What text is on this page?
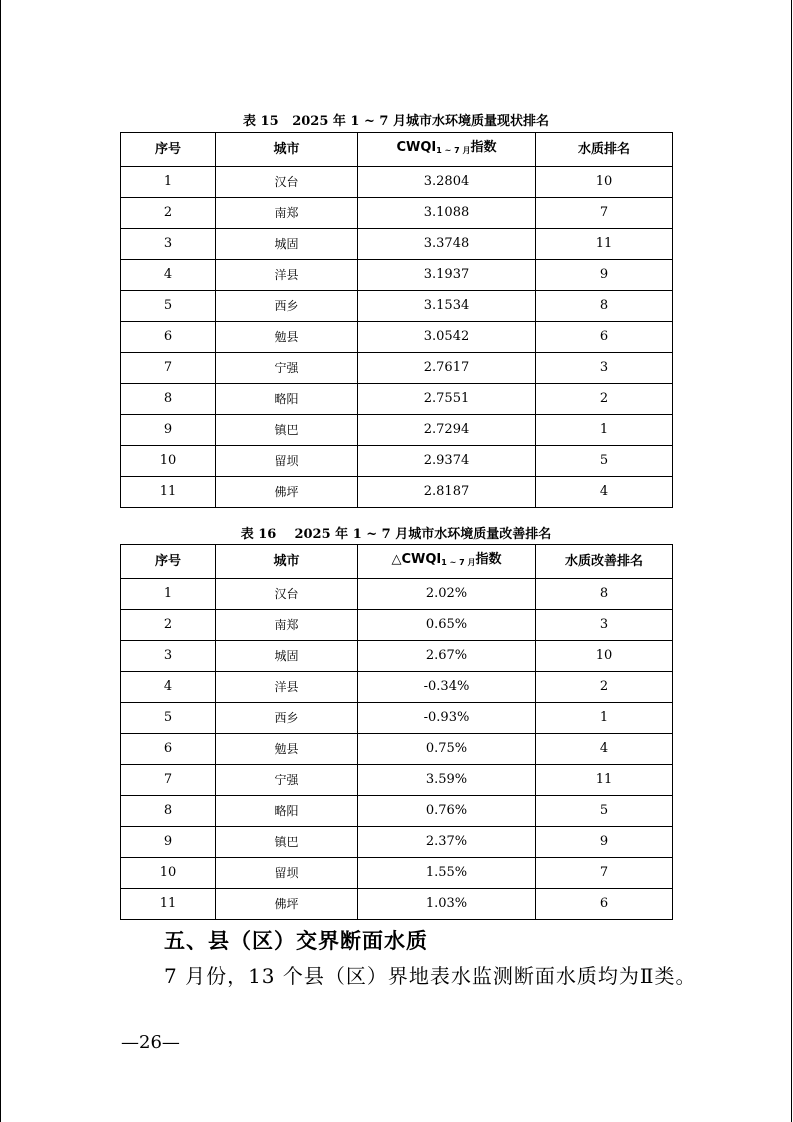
表 15   2025 年 1 ~ 7 月城市水环境质量现状排名
序号	城市	$CWQI_{1 \sim 7 月}$指数	水质排名
1	汉台	3.2804	10
2	南郑	3.1088	7
3	城固	3.3748	11
4	洋县	3.1937	9
5	西乡	3.1534	8
6	勉县	3.0542	6
7	宁强	2.7617	3
8	略阳	2.7551	2
9	镇巴	2.7294	1
10	留坝	2.9374	5
11	佛坪	2.8187	4
表 16    2025 年 1 ~ 7 月城市水环境质量改善排名
序号	城市	$\triangle CWQI_{1 \sim 7 月}$指数	水质改善排名
1	汉台	2.02%	8
2	南郑	0.65%	3
3	城固	2.67%	10
4	洋县	-0.34%	2
5	西乡	-0.93%	1
6	勉县	0.75%	4
7	宁强	3.59%	11
8	略阳	0.76%	5
9	镇巴	2.37%	9
10	留坝	1.55%	7
11	佛坪	1.03%	6
五、县（区）交界断面水质
7 月份，13 个县（区）界地表水监测断面水质均为Ⅱ类。
—26—
